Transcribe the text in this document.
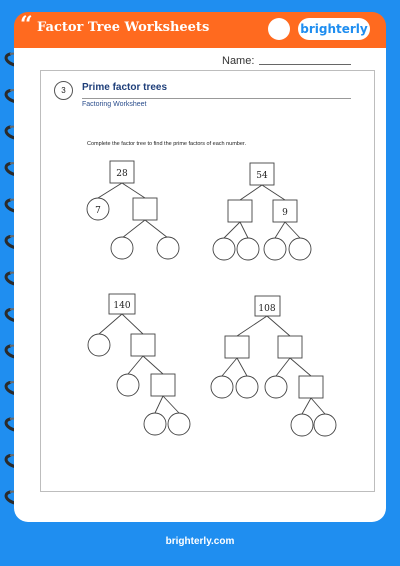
“ Factor Tree Worksheets	brighterly
Name:
3	Prime factor trees
Factoring Worksheet
Complete the factor tree to find the prime factors of each number.
28
7
54
9
140	108
brighterly.com
